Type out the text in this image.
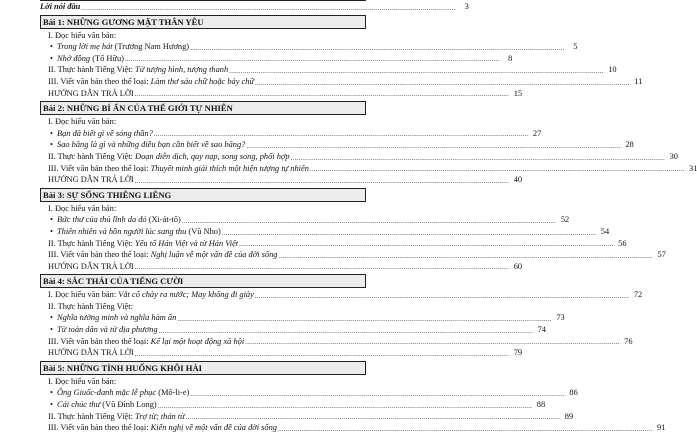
Lời nói đầu .....	3
Bài 1: NHỮNG GƯƠNG MẶT THÂN YÊU
I. Đọc hiểu văn bản:
• Trong lời mẹ hát (Trương Nam Hương) .....	5
• Nhớ đồng (Tố Hữu) .....	8
II. Thực hành Tiếng Việt: Từ tượng hình, tượng thanh .....	10
III. Viết văn bản theo thể loại: Làm thơ sáu chữ hoặc bảy chữ .....	11
HƯỚNG DẪN TRẢ LỜI .....	15
Bài 2: NHỮNG BÍ ẨN CỦA THẾ GIỚI TỰ NHIÊN
I. Đọc hiểu văn bản:
• Bạn đã biết gì về sóng thần? .....	27
• Sao băng là gì và những điều bạn cần biết về sao băng? .....	28
II. Thực hành Tiếng Việt: Đoạn diễn dịch, quy nạp, song song, phối hợp .....	30
III. Viết văn bản theo thể loại: Thuyết minh giải thích một hiện tượng tự nhiên .....	31
HƯỚNG DẪN TRẢ LỜI .....	40
Bài 3: SỰ SỐNG THIÊNG LIÊNG
I. Đọc hiểu văn bản:
• Bức thư của thủ lĩnh da đỏ (Xi-át-tô) .....	52
• Thiên nhiên và hồn người lúc sang thu (Vũ Nho) .....	54
II. Thực hành Tiếng Việt: Yếu tố Hán Việt và từ Hán Việt .....	56
III. Viết văn bản theo thể loại: Nghị luận về một vấn đề của đời sống .....	57
HƯỚNG DẪN TRẢ LỜI .....	60
Bài 4: SẮC THÁI CỦA TIẾNG CƯỜI
I. Đọc hiểu văn bản: Vắt cổ chày ra nước; May không đi giày .....	72
II. Thực hành Tiếng Việt:
• Nghĩa tường minh và nghĩa hàm ẩn .....	73
• Từ toàn dân và từ địa phương .....	74
III. Viết văn bản theo thể loại: Kể lại một hoạt động xã hội .....	76
HƯỚNG DẪN TRẢ LỜI .....	79
Bài 5: NHỮNG TÌNH HUỐNG KHÔI HÀI
I. Đọc hiểu văn bản:
• Ông Giuốc-đanh mặc lễ phục (Mô-li-e) .....	86
• Cái chúc thư (Vũ Đình Long) .....	88
II. Thực hành Tiếng Việt: Trợ từ; thán từ .....	89
III. Viết văn bản theo thể loại: Kiến nghị về một vấn đề của đời sống .....	91
